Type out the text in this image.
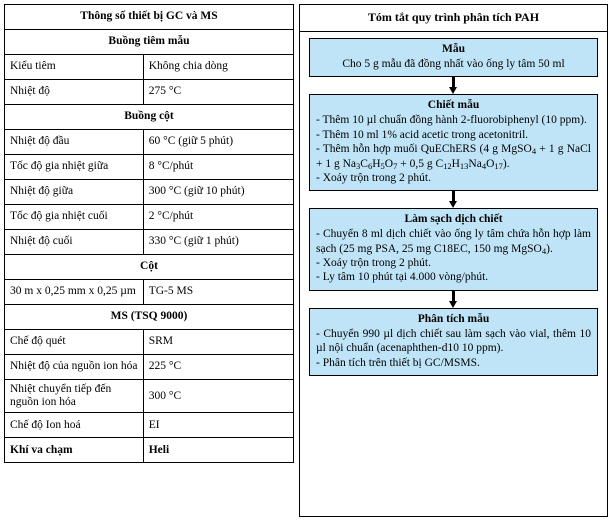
Thông số thiết bị GC và MS	
Buồng tiêm mẫu	
Kiểu tiêm	Không chia dòng
Nhiệt độ	275 °C
Buồng cột	
Nhiệt độ đầu	60 °C (giữ 5 phút)
Tốc độ gia nhiệt giữa	8 °C/phút
Nhiệt độ giữa	300 °C (giữ 10 phút)
Tốc độ gia nhiệt cuối	2 °C/phút
Nhiệt độ cuối	330 °C (giữ 1 phút)
Cột	
30 m x 0,25 mm x 0,25 µm	TG-5 MS
MS (TSQ 9000)	
Chế độ quét	SRM
Nhiệt độ của nguồn ion hóa	225 °C
Nhiệt chuyển tiếp đến nguồn ion hóa	300 °C
Chế độ Ion hoá	EI
Khí va chạm	Heli
Tóm tắt quy trình phân tích PAH
Mẫu

Cho 5 g mẫu đã đồng nhất vào ống ly tâm 50 ml

Chiết mẫu

- Thêm 10 µl chuẩn đồng hành 2-fluorobiphenyl (10 ppm).

- Thêm 10 ml 1% acid acetic trong acetonitril.

- Thêm hỗn hợp muối QuEChERS (4 g MgSO$_4$ + 1 g NaCl + 1 g $Na_3C_6H_5O_7 + 0,5$ g $C_{12}H_{13}Na_4O_{17}$).

- Xoáy trộn trong 2 phút.

Làm sạch dịch chiết

- Chuyển 8 ml dịch chiết vào ống ly tâm chứa hỗn hợp làm sạch (25 mg PSA, 25 mg C18EC, 150 mg MgSO$_4$).

- Xoáy trộn trong 2 phút.

- Ly tâm 10 phút tại 4.000 vòng/phút.

Phân tích mẫu

- Chuyển 990 µl dịch chiết sau làm sạch vào vial, thêm 10 µl nội chuẩn (acenaphthen-d10 10 ppm).

- Phân tích trên thiết bị GC/MSMS.
